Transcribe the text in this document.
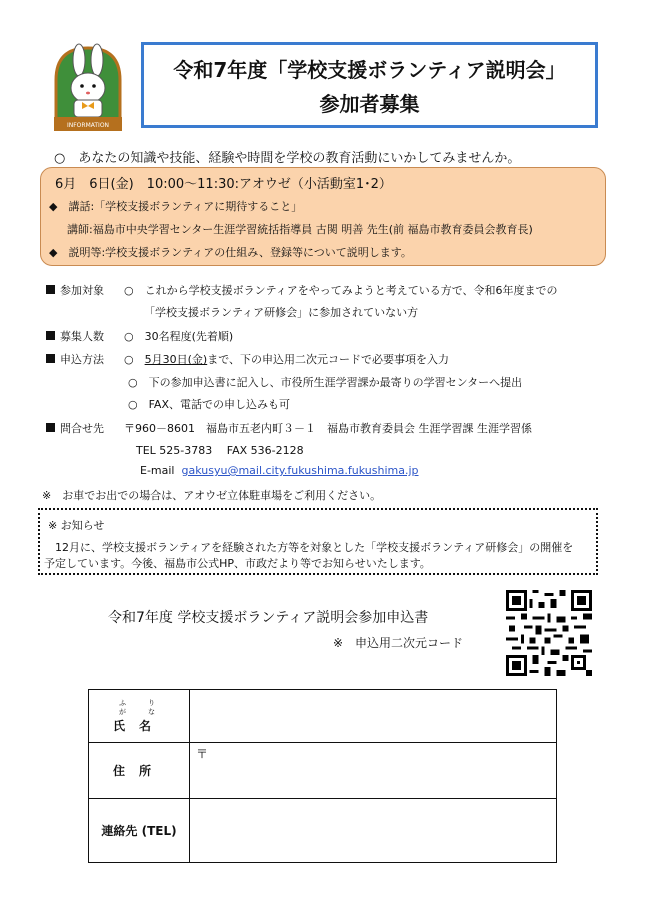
INFORMATION
令和7年度「学校支援ボランティア説明会」
参加者募集
○　あなたの知識や技能、経験や時間を学校の教育活動にいかしてみませんか。
6月　6日(金)　10:00～11:30:アオウゼ（小活動室1･2）
◆　講話:「学校支援ボランティアに期待すること」
講師:福島市中央学習センター生涯学習統括指導員 古関 明善 先生(前 福島市教育委員会教育長)
◆　説明等:学校支援ボランティアの仕組み、登録等について説明します。
参加対象 ○　これから学校支援ボランティアをやってみようと考えている方で、令和6年度までの
「学校支援ボランティア研修会」に参加されていない方
募集人数 ○　30名程度(先着順)
申込方法 ○　5月30日(金)まで、下の申込用二次元コードで必要事項を入力
○　下の参加申込書に記入し、市役所生涯学習課か最寄りの学習センターへ提出
○　FAX、電話での申し込みも可
問合せ先 〒960－8601　福島市五老内町３－１　福島市教育委員会 生涯学習課 生涯学習係
TEL 525-3783　 FAX 536-2128
E-mail gakusyu@mail.city.fukushima.fukushima.jp
※　お車でお出での場合は、アオウゼ立体駐車場をご利用ください。
※ お知らせ
　12月に、学校支援ボランティアを経験された方等を対象とした「学校支援ボランティア研修会」の開催を
予定しています。今後、福島市公式HP、市政だより等でお知らせいたします。
令和7年度 学校支援ボランティア説明会参加申込書
※　申込用二次元コード
ふりがな
氏名	
住所	〒
連絡先 (TEL)	
